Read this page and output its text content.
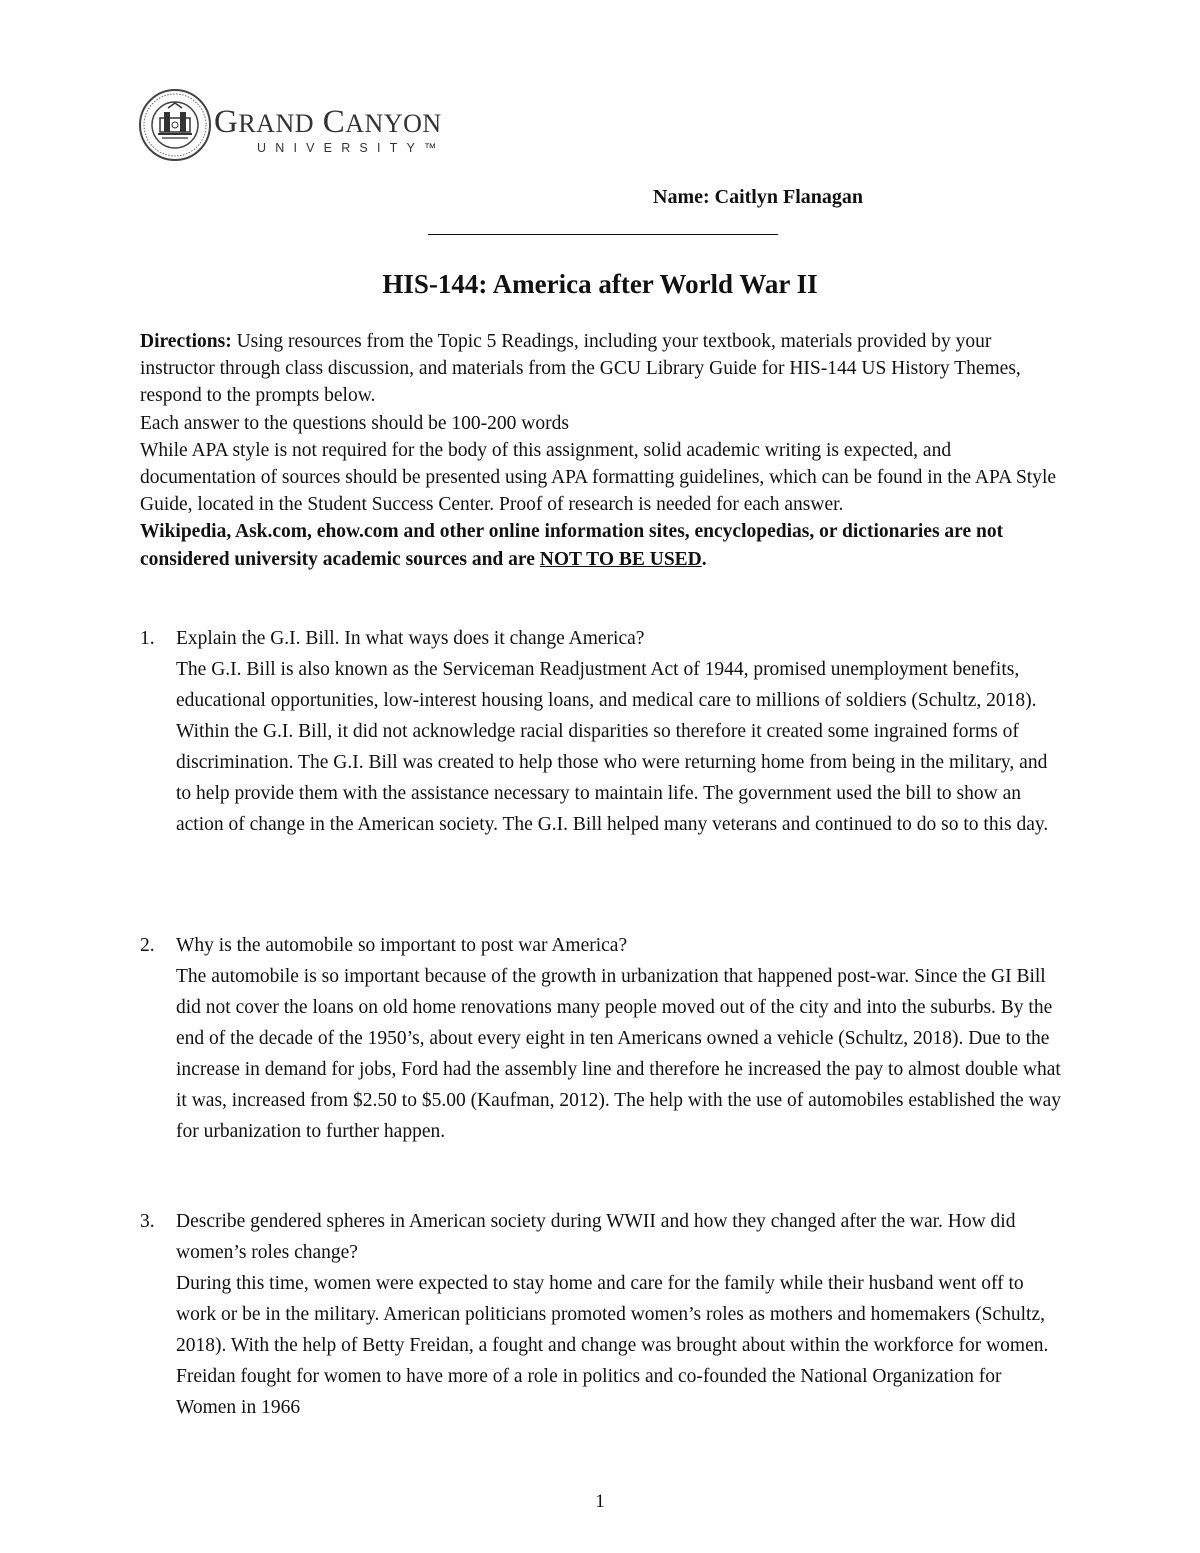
GRAND CANYON
UNIVERSITY™
Name: Caitlyn Flanagan
HIS-144: America after World War II

Directions: Using resources from the Topic 5 Readings, including your textbook, materials provided by your instructor through class discussion, and materials from the GCU Library Guide for HIS-144 US History Themes, respond to the prompts below.

Each answer to the questions should be 100-200 words

While APA style is not required for the body of this assignment, solid academic writing is expected, and documentation of sources should be presented using APA formatting guidelines, which can be found in the APA Style Guide, located in the Student Success Center. Proof of research is needed for each answer.

Wikipedia, Ask.com, ehow.com and other online information sites, encyclopedias, or dictionaries are not considered university academic sources and are NOT TO BE USED.

1. Explain the G.I. Bill. In what ways does it change America?

The G.I. Bill is also known as the Serviceman Readjustment Act of 1944, promised unemployment benefits, educational opportunities, low-interest housing loans, and medical care to millions of soldiers (Schultz, 2018). Within the G.I. Bill, it did not acknowledge racial disparities so therefore it created some ingrained forms of discrimination. The G.I. Bill was created to help those who were returning home from being in the military, and to help provide them with the assistance necessary to maintain life. The government used the bill to show an action of change in the American society. The G.I. Bill helped many veterans and continued to do so to this day.

2. Why is the automobile so important to post war America?

The automobile is so important because of the growth in urbanization that happened post-war. Since the GI Bill did not cover the loans on old home renovations many people moved out of the city and into the suburbs. By the end of the decade of the 1950’s, about every eight in ten Americans owned a vehicle (Schultz, 2018). Due to the increase in demand for jobs, Ford had the assembly line and therefore he increased the pay to almost double what it was, increased from $2.50 to $5.00 (Kaufman, 2012). The help with the use of automobiles established the way for urbanization to further happen.

3. Describe gendered spheres in American society during WWII and how they changed after the war. How did women’s roles change?

During this time, women were expected to stay home and care for the family while their husband went off to work or be in the military. American politicians promoted women’s roles as mothers and homemakers (Schultz, 2018). With the help of Betty Freidan, a fought and change was brought about within the workforce for women. Freidan fought for women to have more of a role in politics and co-founded the National Organization for Women in 1966

1
